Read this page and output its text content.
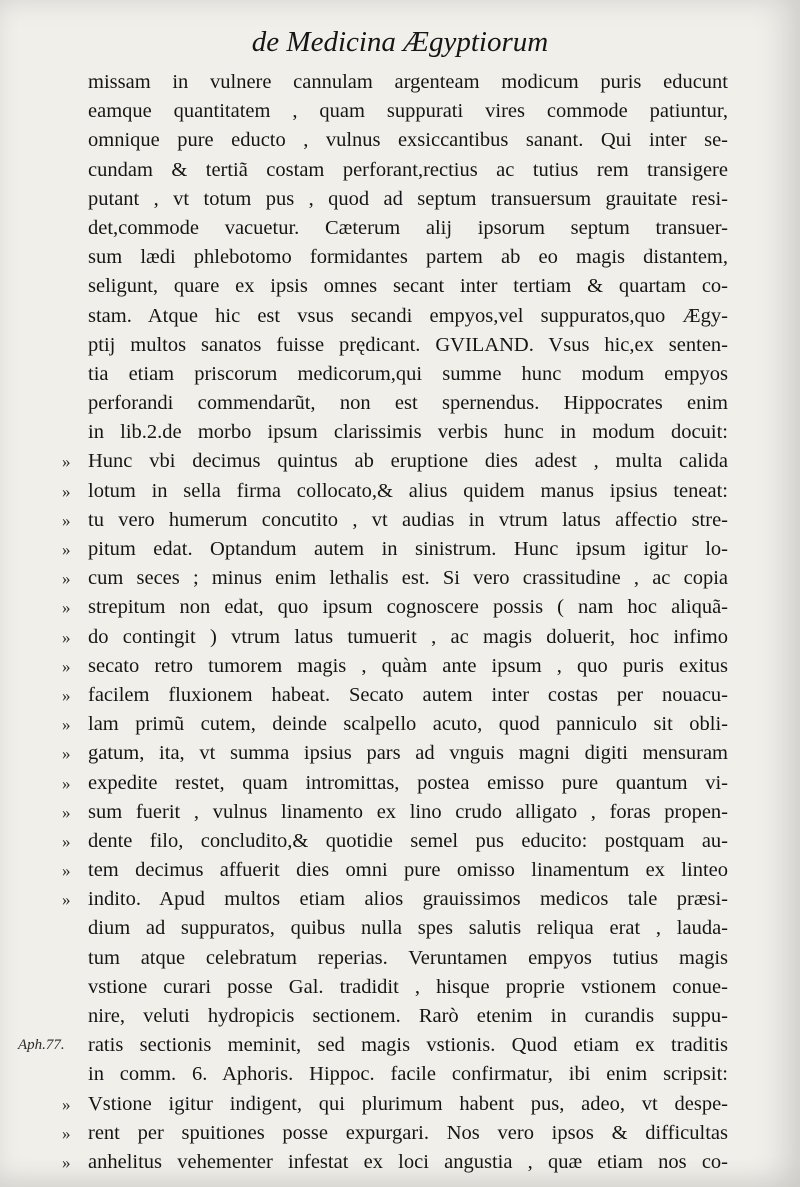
de Medicina Ægyptiorum
missam in vulnere cannulam argenteam modicum puris educunt
eamque quantitatem , quam suppurati vires commode patiuntur,
omnique pure educto , vulnus exsiccantibus sanant. Qui inter se-
cundam & tertiã costam perforant,rectius ac tutius rem transigere
putant , vt totum pus , quod ad septum transuersum grauitate resi-
det,commode vacuetur. Cæterum alij ipsorum septum transuer-
sum lædi phlebotomo formidantes partem ab eo magis distantem,
seligunt, quare ex ipsis omnes secant inter tertiam & quartam co-
stam. Atque hic est vsus secandi empyos,vel suppuratos,quo Ægy-
ptij multos sanatos fuisse prędicant. GVILAND. Vsus hic,ex senten-
tia etiam priscorum medicorum,qui summe hunc modum empyos
perforandi commendarũt, non est spernendus. Hippocrates enim
in lib.2.de morbo ipsum clarissimis verbis hunc in modum docuit:
Hunc vbi decimus quintus ab eruptione dies adest , multa calida
»
lotum in sella firma collocato,& alius quidem manus ipsius teneat:
»
tu vero humerum concutito , vt audias in vtrum latus affectio stre-
»
pitum edat. Optandum autem in sinistrum. Hunc ipsum igitur lo-
»
cum seces ; minus enim lethalis est. Si vero crassitudine , ac copia
»
strepitum non edat, quo ipsum cognoscere possis ( nam hoc aliquã-
»
do contingit ) vtrum latus tumuerit , ac magis doluerit, hoc infimo
»
secato retro tumorem magis , quàm ante ipsum , quo puris exitus
»
facilem fluxionem habeat. Secato autem inter costas per nouacu-
»
lam primũ cutem, deinde scalpello acuto, quod panniculo sit obli-
»
gatum, ita, vt summa ipsius pars ad vnguis magni digiti mensuram
»
expedite restet, quam intromittas, postea emisso pure quantum vi-
»
sum fuerit , vulnus linamento ex lino crudo alligato , foras propen-
»
dente filo, concludito,& quotidie semel pus educito: postquam au-
»
tem decimus affuerit dies omni pure omisso linamentum ex linteo
»
indito. Apud multos etiam alios grauissimos medicos tale præsi-
»
dium ad suppuratos, quibus nulla spes salutis reliqua erat , lauda-
tum atque celebratum reperias. Veruntamen empyos tutius magis
vstione curari posse Gal. tradidit , hisque proprie vstionem conue-
nire, veluti hydropicis sectionem. Rarò etenim in curandis suppu-
ratis sectionis meminit, sed magis vstionis. Quod etiam ex traditis
Aph.77.
in comm. 6. Aphoris. Hippoc. facile confirmatur, ibi enim scripsit:
Vstione igitur indigent, qui plurimum habent pus, adeo, vt despe-
»
rent per spuitiones posse expurgari. Nos vero ipsos & difficultas
»
anhelitus vehementer infestat ex loci angustia , quæ etiam nos co-
»
